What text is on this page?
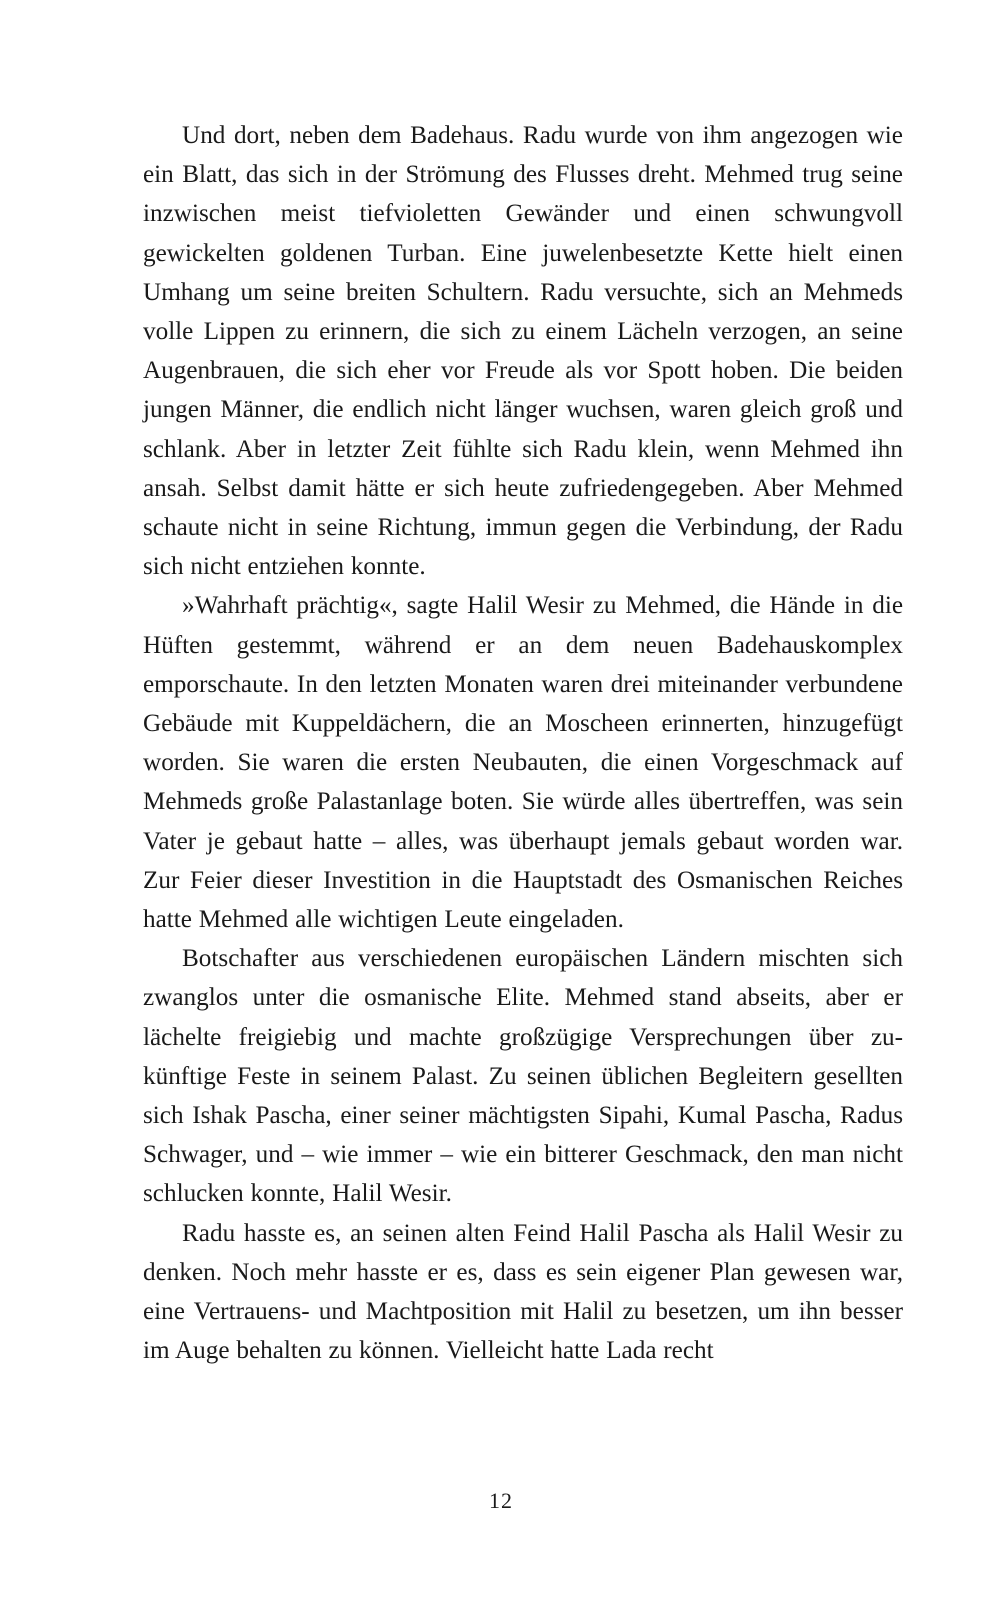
Und dort, neben dem Badehaus. Radu wurde von ihm angezogen wie ein Blatt, das sich in der Strömung des Flusses dreht. Mehmed trug seine inzwischen meist tiefvioletten Gewänder und einen schwungvoll gewickelten goldenen Turban. Eine juwelenbesetzte Kette hielt einen Umhang um seine breiten Schultern. Radu versuchte, sich an Mehmeds volle Lippen zu erinnern, die sich zu einem Lächeln verzogen, an seine Augenbrauen, die sich eher vor Freude als vor Spott hoben. Die beiden jungen Männer, die endlich nicht länger wuchsen, waren gleich groß und schlank. Aber in letzter Zeit fühlte sich Radu klein, wenn Mehmed ihn ansah. Selbst damit hätte er sich heute zufriedengegeben. Aber Mehmed schaute nicht in seine Richtung, immun gegen die Verbindung, der Radu sich nicht entziehen konnte.

»Wahrhaft prächtig«, sagte Halil Wesir zu Mehmed, die Hände in die Hüften gestemmt, während er an dem neuen Badehauskomplex emporschaute. In den letzten Monaten waren drei miteinander verbundene Gebäude mit Kuppeldächern, die an Moscheen erinnerten, hinzugefügt worden. Sie waren die ersten Neubauten, die einen Vorgeschmack auf Mehmeds große Palastanlage boten. Sie würde alles übertreffen, was sein Vater je gebaut hatte – alles, was überhaupt jemals gebaut worden war. Zur Feier dieser Investition in die Hauptstadt des Osmanischen Reiches hatte Mehmed alle wichtigen Leute eingeladen.

Botschafter aus verschiedenen europäischen Ländern mischten sich zwanglos unter die osmanische Elite. Mehmed stand abseits, aber er lächelte freigiebig und machte großzügige Versprechungen über zukünftige Feste in seinem Palast. Zu seinen üblichen Begleitern gesellten sich Ishak Pascha, einer seiner mächtigsten Sipahi, Kumal Pascha, Radus Schwager, und – wie immer – wie ein bitterer Geschmack, den man nicht schlucken konnte, Halil Wesir.

Radu hasste es, an seinen alten Feind Halil Pascha als Halil Wesir zu denken. Noch mehr hasste er es, dass es sein eigener Plan gewesen war, eine Vertrauens- und Machtposition mit Halil zu besetzen, um ihn besser im Auge behalten zu können. Vielleicht hatte Lada recht

12
